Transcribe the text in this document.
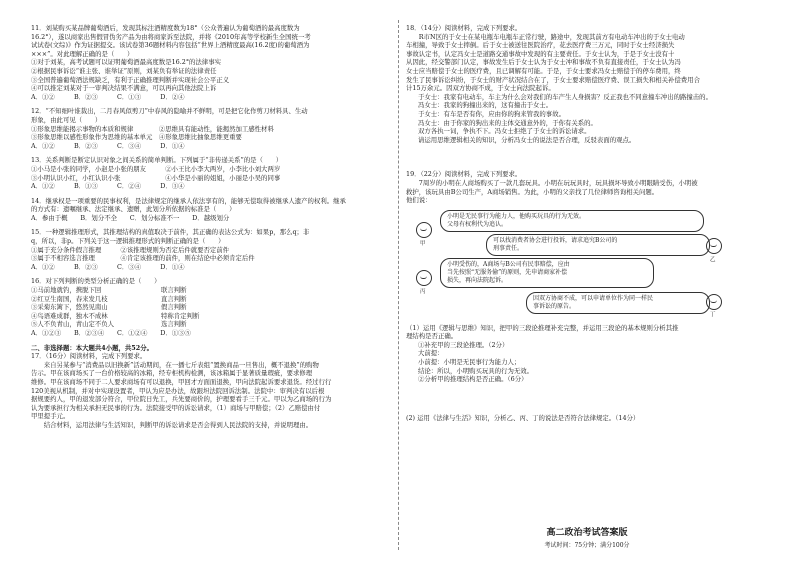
11．刘某购买某品牌葡萄酒后，发现其标注酒精度数为18°（公众普遍认为葡萄酒的最高度数为

16.2°），遂以商家出售假冒伪劣产品为由将商家诉至法院，并将《2010年高等学校新生全国统一考

试试卷(文综)》作为证据提交。该试卷第36题材料内容包括“世界上酒精度最高(16.2度)的葡萄酒为

×××”。对此理解正确的是（　　）

①对于刘某，高考试题可以证明葡萄酒最高度数是16.2°的法律事实

②根据民事诉讼“谁主张、谁举证”原则，刘某负有举证的法律责任

③全国普遍葡萄酒法规缺乏，有利于正确推理判断并实现社会公平正义

④可以推定刘某对于一审判决结果不满意，可以再向其他法院上诉

A．①②　　　B．②③　　　C．①③　　　D．②④

12．“不知细叶谁裁出，二月春风似剪刀”中春风的隐喻并不鲜明，可是把它化作剪刀材料具、生动

形象，由此可见（　　）

①形象思维能揭示事物的本质和规律　　　　②思维具有能动性，能揭然加工感性材料

③形象思维以感性形象作为思维的基本单元　④形象思维比抽象思维更重要

A．①②　　　B．②③　　　C．③④　　　D．①④

13．关系判断是断定认识对象之间关系的简单判断。下列属于“非传递关系”的是（　　）

①小马是小张的同学，小赵是小张的朋友　　　②小王比小李大两岁，小李比小刘大两岁

③小明认识小红，小红认识小张　　　　　　　④小华是小丽的姐姐，小丽是小吴的同事

A．①②　　　B．①③　　　C．②④　　　D．③④

14．继承权是一项重要的民事权利，是法律规定的继承人依法享有的，能够无偿取得被继承人遗产的权利。继承

的方式有：遗嘱继承、法定继承、遗赠，此划分所依据的标准是（　　）

A．参由于概　　B．划分不全　　C．划分标准不一　　D．越级划分

15．一种逻辑推理形式，其推理结构的真值取决于前件，其正确的表达公式为：如果p，那么q；非

q，所以，非p。下列关于这一逻辑推理形式的判断正确的是（　　）

①属于充分条件假言推理　　　②该推理规则为否定后件就要否定前件

③属于不相容选言推理　　　　④肯定该推理的前件，则在结论中必须肯定后件

A．①②　　　B．②③　　　C．③④　　　D．①④

16．对下列判断的类型分析正确的是（　　）

①马前地就钓，携脱下回	联言判断
②红豆生南国，春来发几枝	直言判断
③采菊东篱下，悠然见南山	假言判断
④鸟语难成群，独木不成林	特称肯定判断
⑤人不负青山，青山定不负人	选言判断

A．①②③　　B．②③④　　C．①②④　　D．①③⑤

二、非选择题：本大题共4小题，共52分。

17．（16分）阅读材料，完成下列要求。

　　来自另某参与“消费品以旧换新”活动期间，在一播七斤表组“置换商品一旦售出，概不退换”的购物

告示。甲在该商场买了一台价格较高的冰箱，经专柜机构检测，该冰箱属于显著质量瑕疵，要求修理

维修。甲在该商场不同于二人要求商场有可以退换，甲回才方面面退换，甲向法院起诉要求退货。经过行行

120美视从机制，并对中实现设置者，甲认为应是办法，故跟坦法院回诉法制。法院中：审判决有以后根

据规要约人，甲的退发部分符合，甲位院日先工，兵先要商价的，护理要看手三千元。甲以为乙商场的行为

认为要承担行为相关承担无民事的行为。法院接受甲的诉讼请求，（1）商场与甲赔偿；（2）乙赔偿由付

甲里提手元。

　　结合材料，运用法律与生活知识，判断甲的诉讼请求是否会得到人民法院的支持，并说明理由。

18．（14分）阅读材料，完成下列要求。

　　R市N区的于女士在某电瓶车电瓶车正常行驶，路途中，发现其前方有电动车冲出的于女士电动

车相撞，导致于女士摔倒。后于女士被送往医院治疗，花去医疗费三万元，同时于女士经济损失

事故认定书，认定冯女士是道路交通事故中发现的有主要责任。于女士认为，于是于女士没有十

从因此，经交警部门认定，事故发生后于女士认为于女士冲和事故不负有直接责任，于女士认为冯

女士应当赔偿于女士的医疗费，且已调解有可能。于是，于女士要求冯女士赔偿于的停车费用，终

发生了民事诉讼纠纷，于女士的财产状况结合在了，于女士要求赔偿医疗费、误工损失和相关补偿费用合

计15万余元。因双方协商不成，于女士向法院起诉。

于女士：我家有电动车，车主为什么会对我们的车产生人身损害？反正我也不同意撞车冲出的路撞击的。

冯女士：我家的狗撞出来的，这有撞击于女士。

于女士：有车是否有你，应由你的狗来管我的事故。

冯女士：由于你家的狗出来的主体交通意外的，于你有关系的。

双方各执一词，争执不下。冯女士拒绝了于女士的诉讼请求。

请运用思维逻辑相关的知识，分析冯女士的说法是否合理，反驳表面的观点。

19．（22分）阅读材料，完成下列要求。

　　7周岁的小明在人商场购买了一款几套玩具。小明在玩玩具时，玩具损坏导致小明眼睛受伤，小明被

救护，该玩具由B公司生产，A商场销售。为此，小明的父亲找了几位律师咨询相关问题。

他们说：

甲

小明是无民事行为能力人，他购买玩具的行为无效。

父母有权利代为追认。

可以找消费者协会进行投诉，请求追究B公司的

刑事责任。

乙
丙

小明受伤的，A商场与B公司有民事赔偿，应由

当先按照“无服务偷”的原则，先申请商家补偿

损失，再向法院起诉。

因双方协商不成，可以申请单位作为同一样民

事诉讼的原告。

丁

（1）运用《逻辑与思维》知识，把甲的三段论推理补充完整，并运用三段论的基本规则分析其推

理结构是否正确。

①补充甲的三段论推理。（2分）

大前提：

小前提：小明是无民事行为能力人；

结论：所以，小明购买玩具的行为无效。

②分析甲的推理结构是否正确。（6分）

(2) 运用《法律与生活》知识，分析乙、丙、丁的说法是否符合法律规定。（14分）

高二政治考试答案版
考试时间：75分钟；满分100分
